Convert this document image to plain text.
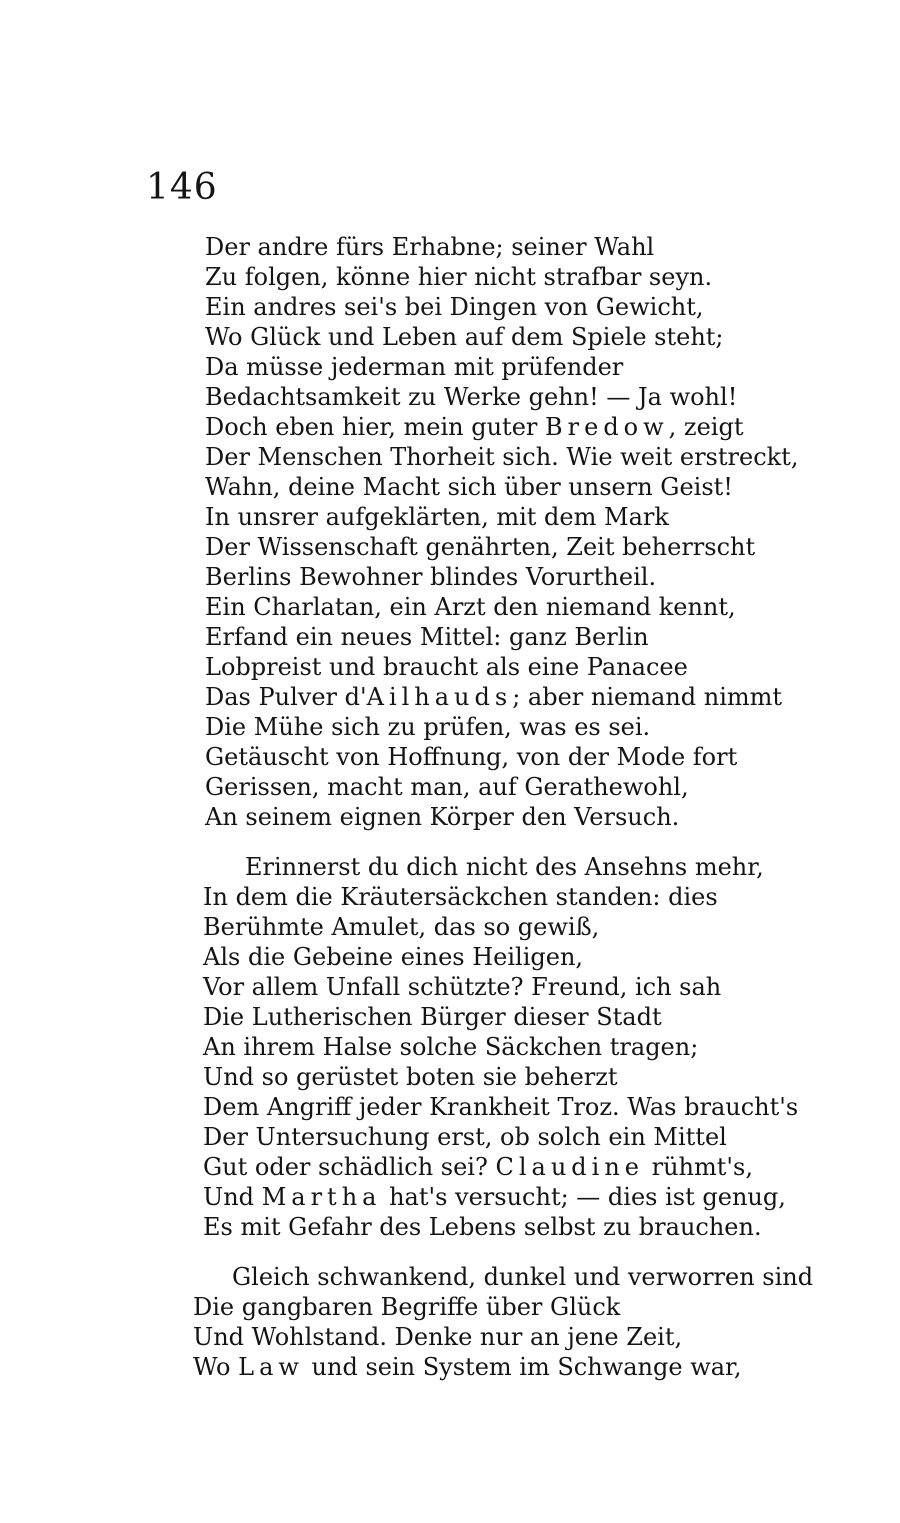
146
Der andre fürs Erhabne; seiner Wahl
Zu folgen, könne hier nicht strafbar seyn.
Ein andres sei's bei Dingen von Gewicht,
Wo Glück und Leben auf dem Spiele steht;
Da müsse jederman mit prüfender
Bedachtsamkeit zu Werke gehn! — Ja wohl!
Doch eben hier, mein guter Bredow, zeigt
Der Menschen Thorheit sich. Wie weit erstreckt,
Wahn, deine Macht sich über unsern Geist!
In unsrer aufgeklärten, mit dem Mark
Der Wissenschaft genährten, Zeit beherrscht
Berlins Bewohner blindes Vorurtheil.
Ein Charlatan, ein Arzt den niemand kennt,
Erfand ein neues Mittel: ganz Berlin
Lobpreist und braucht als eine Panacee
Das Pulver d'Ailhauds; aber niemand nimmt
Die Mühe sich zu prüfen, was es sei.
Getäuscht von Hoffnung, von der Mode fort
Gerissen, macht man, auf Gerathewohl,
An seinem eignen Körper den Versuch.
Erinnerst du dich nicht des Ansehns mehr,
In dem die Kräutersäckchen standen: dies
Berühmte Amulet, das so gewiß,
Als die Gebeine eines Heiligen,
Vor allem Unfall schützte? Freund, ich sah
Die Lutherischen Bürger dieser Stadt
An ihrem Halse solche Säckchen tragen;
Und so gerüstet boten sie beherzt
Dem Angriff jeder Krankheit Troz. Was braucht's
Der Untersuchung erst, ob solch ein Mittel
Gut oder schädlich sei? Claudine rühmt's,
Und Martha hat's versucht; — dies ist genug,
Es mit Gefahr des Lebens selbst zu brauchen.
Gleich schwankend, dunkel und verworren sind
Die gangbaren Begriffe über Glück
Und Wohlstand. Denke nur an jene Zeit,
Wo Law und sein System im Schwange war,
